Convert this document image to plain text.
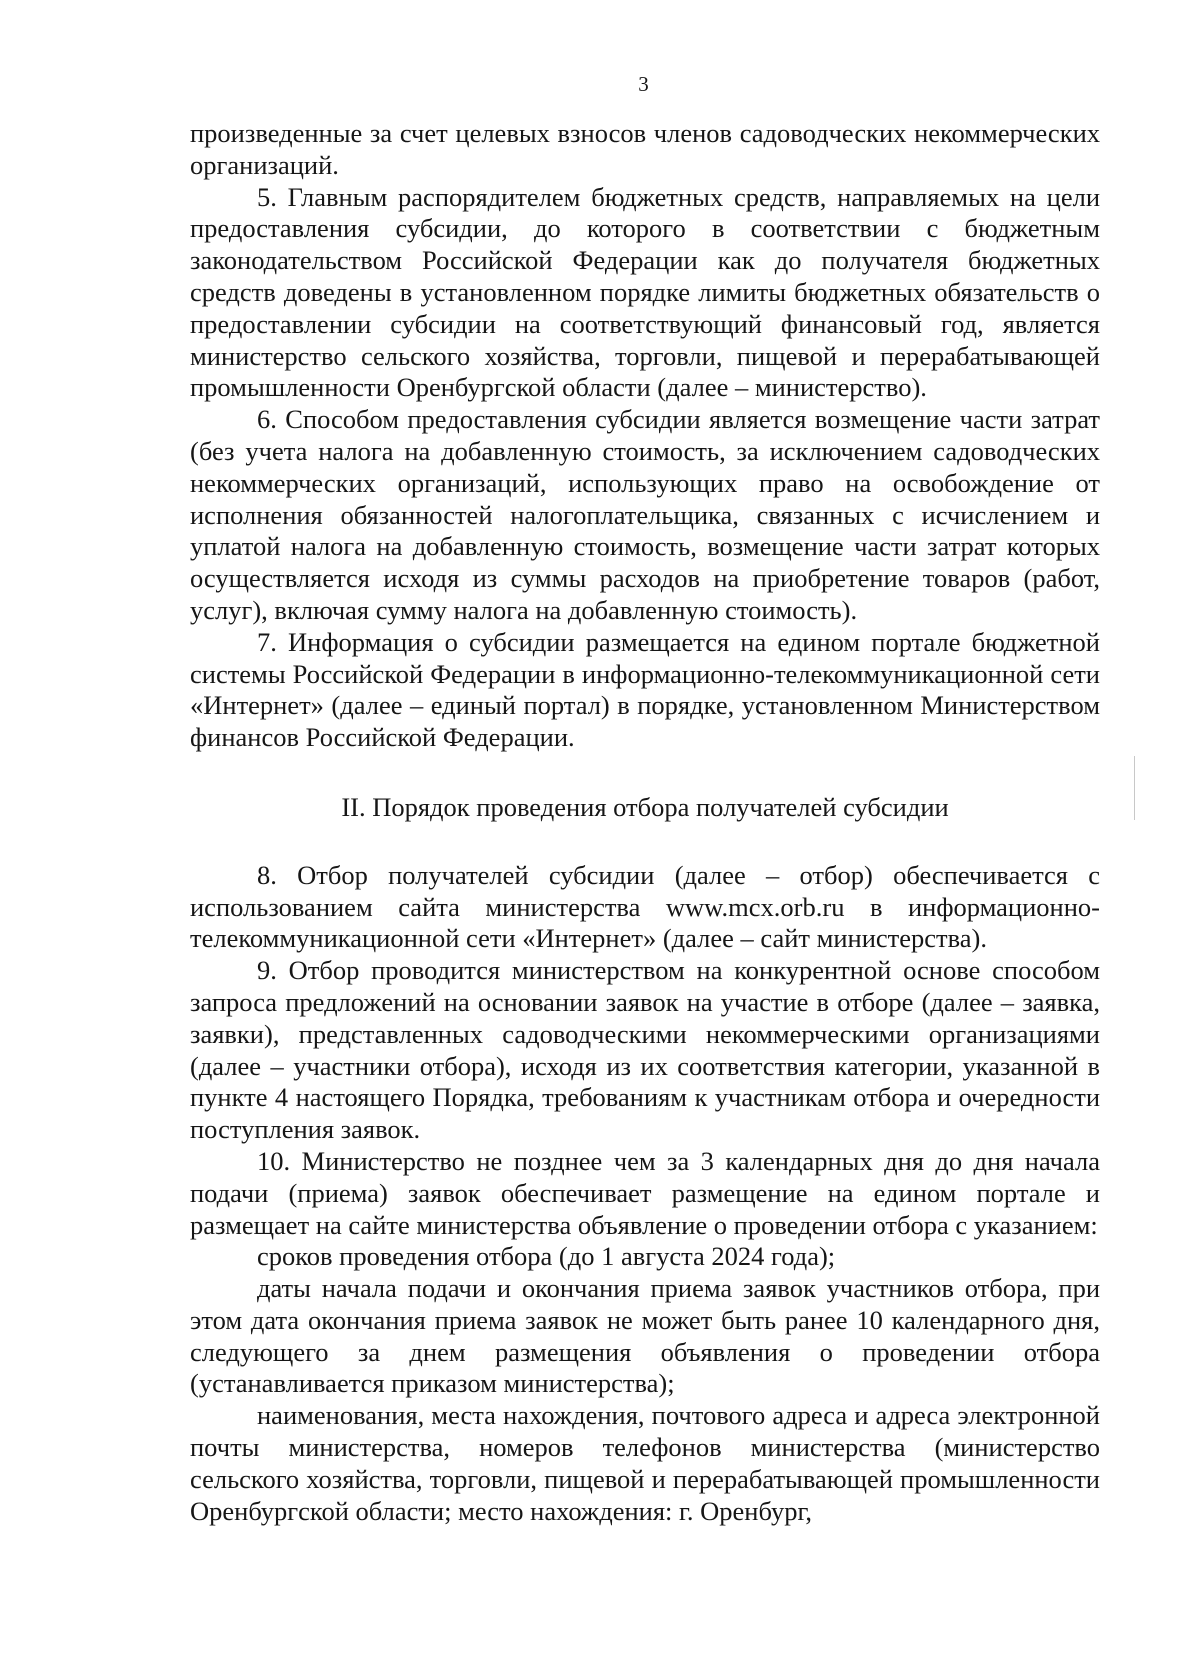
3

произведенные за счет целевых взносов членов садоводческих некоммерческих организаций.

5. Главным распорядителем бюджетных средств, направляемых на цели предоставления субсидии, до которого в соответствии с бюджетным законодательством Российской Федерации как до получателя бюджетных средств доведены в установленном порядке лимиты бюджетных обязательств о предоставлении субсидии на соответствующий финансовый год, является министерство сельского хозяйства, торговли, пищевой и перерабатывающей промышленности Оренбургской области (далее – министерство).

6. Способом предоставления субсидии является возмещение части затрат (без учета налога на добавленную стоимость, за исключением садоводческих некоммерческих организаций, использующих право на освобождение от исполнения обязанностей налогоплательщика, связанных с исчислением и уплатой налога на добавленную стоимость, возмещение части затрат которых осуществляется исходя из суммы расходов на приобретение товаров (работ, услуг), включая сумму налога на добавленную стоимость).

7. Информация о субсидии размещается на едином портале бюджетной системы Российской Федерации в информационно-телекоммуникационной сети «Интернет» (далее – единый портал) в порядке, установленном Министерством финансов Российской Федерации.

II. Порядок проведения отбора получателей субсидии

8. Отбор получателей субсидии (далее – отбор) обеспечивается с использованием сайта министерства www.mcx.orb.ru в информационно-телекоммуникационной сети «Интернет» (далее – сайт министерства).

9. Отбор проводится министерством на конкурентной основе способом запроса предложений на основании заявок на участие в отборе (далее – заявка, заявки), представленных садоводческими некоммерческими организациями (далее – участники отбора), исходя из их соответствия категории, указанной в пункте 4 настоящего Порядка, требованиям к участникам отбора и очередности поступления заявок.

10. Министерство не позднее чем за 3 календарных дня до дня начала подачи (приема) заявок обеспечивает размещение на едином портале и размещает на сайте министерства объявление о проведении отбора с указанием:

сроков проведения отбора (до 1 августа 2024 года);

даты начала подачи и окончания приема заявок участников отбора, при этом дата окончания приема заявок не может быть ранее 10 календарного дня, следующего за днем размещения объявления о проведении отбора (устанавливается приказом министерства);

наименования, места нахождения, почтового адреса и адреса электронной почты министерства, номеров телефонов министерства (министерство сельского хозяйства, торговли, пищевой и перерабатывающей промышленности Оренбургской области; место нахождения: г. Оренбург,
